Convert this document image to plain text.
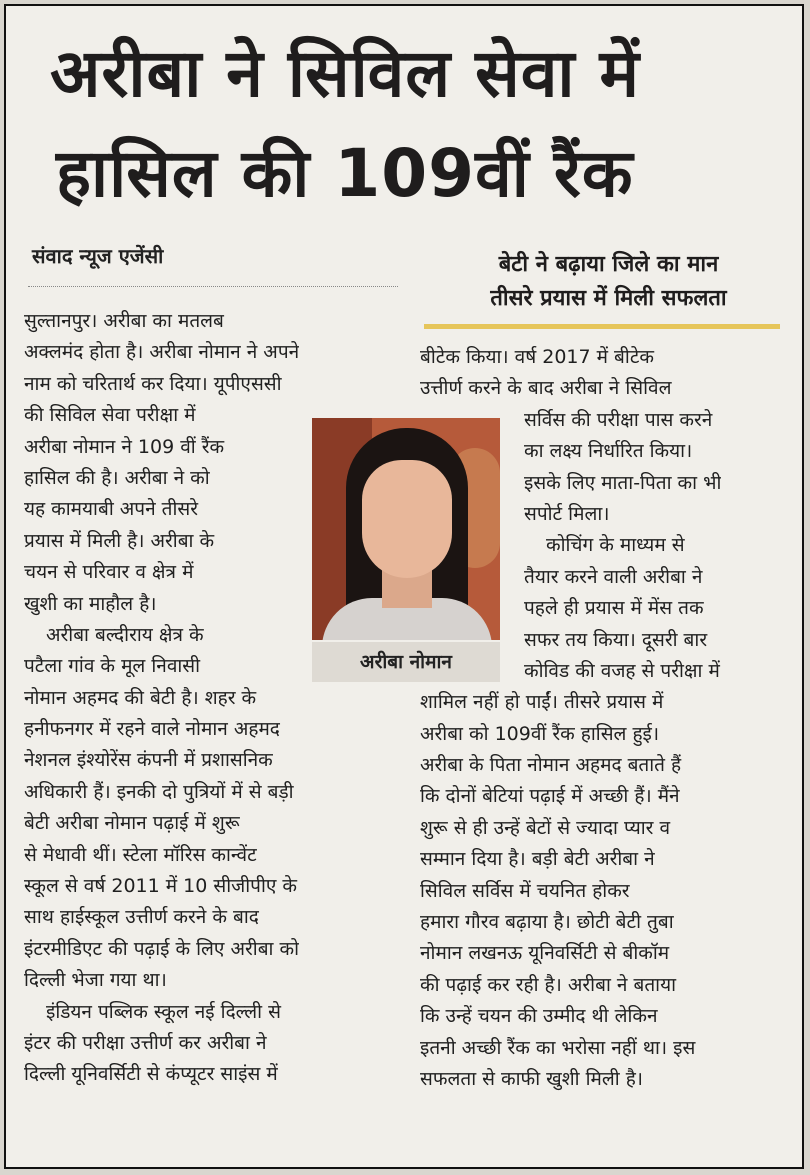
अरीबा ने सिविल सेवा में
हासिल की 109वीं रैंक
संवाद न्यूज एजेंसी	बेटी ने बढ़ाया जिले का मान
तीसरे प्रयास में मिली सफलता
सुल्तानपुर। अरीबा का मतलब
अक्लमंद होता है। अरीबा नोमान ने अपने
नाम को चरितार्थ कर दिया। यूपीएससी
की सिविल सेवा परीक्षा में
अरीबा नोमान ने 109 वीं रैंक
हासिल की है। अरीबा ने को
यह कामयाबी अपने तीसरे
प्रयास में मिली है। अरीबा के
चयन से परिवार व क्षेत्र में
खुशी का माहौल है।
अरीबा बल्दीराय क्षेत्र के
पटैला गांव के मूल निवासी
नोमान अहमद की बेटी है। शहर के
हनीफनगर में रहने वाले नोमान अहमद
नेशनल इंश्योरेंस कंपनी में प्रशासनिक
अधिकारी हैं। इनकी दो पुत्रियों में से बड़ी
बेटी अरीबा नोमान पढ़ाई में शुरू
से मेधावी थीं। स्टेला मॉरिस कान्वेंट
स्कूल से वर्ष 2011 में 10 सीजीपीए के
साथ हाईस्कूल उत्तीर्ण करने के बाद
इंटरमीडिएट की पढ़ाई के लिए अरीबा को
दिल्ली भेजा गया था।
इंडियन पब्लिक स्कूल नई दिल्ली से
इंटर की परीक्षा उत्तीर्ण कर अरीबा ने
दिल्ली यूनिवर्सिटी से कंप्यूटर साइंस में
अरीबा नोमान
बीटेक किया। वर्ष 2017 में बीटेक
उत्तीर्ण करने के बाद अरीबा ने सिविल
सर्विस की परीक्षा पास करने
का लक्ष्य निर्धारित किया।
इसके लिए माता-पिता का भी
सपोर्ट मिला।
कोचिंग के माध्यम से
तैयार करने वाली अरीबा ने
पहले ही प्रयास में मेंस तक
सफर तय किया। दूसरी बार
कोविड की वजह से परीक्षा में
शामिल नहीं हो पाईं। तीसरे प्रयास में
अरीबा को 109वीं रैंक हासिल हुई।
अरीबा के पिता नोमान अहमद बताते हैं
कि दोनों बेटियां पढ़ाई में अच्छी हैं। मैंने
शुरू से ही उन्हें बेटों से ज्यादा प्यार व
सम्मान दिया है। बड़ी बेटी अरीबा ने
सिविल सर्विस में चयनित होकर
हमारा गौरव बढ़ाया है। छोटी बेटी तुबा
नोमान लखनऊ यूनिवर्सिटी से बीकॉम
की पढ़ाई कर रही है। अरीबा ने बताया
कि उन्हें चयन की उम्मीद थी लेकिन
इतनी अच्छी रैंक का भरोसा नहीं था। इस
सफलता से काफी खुशी मिली है।
